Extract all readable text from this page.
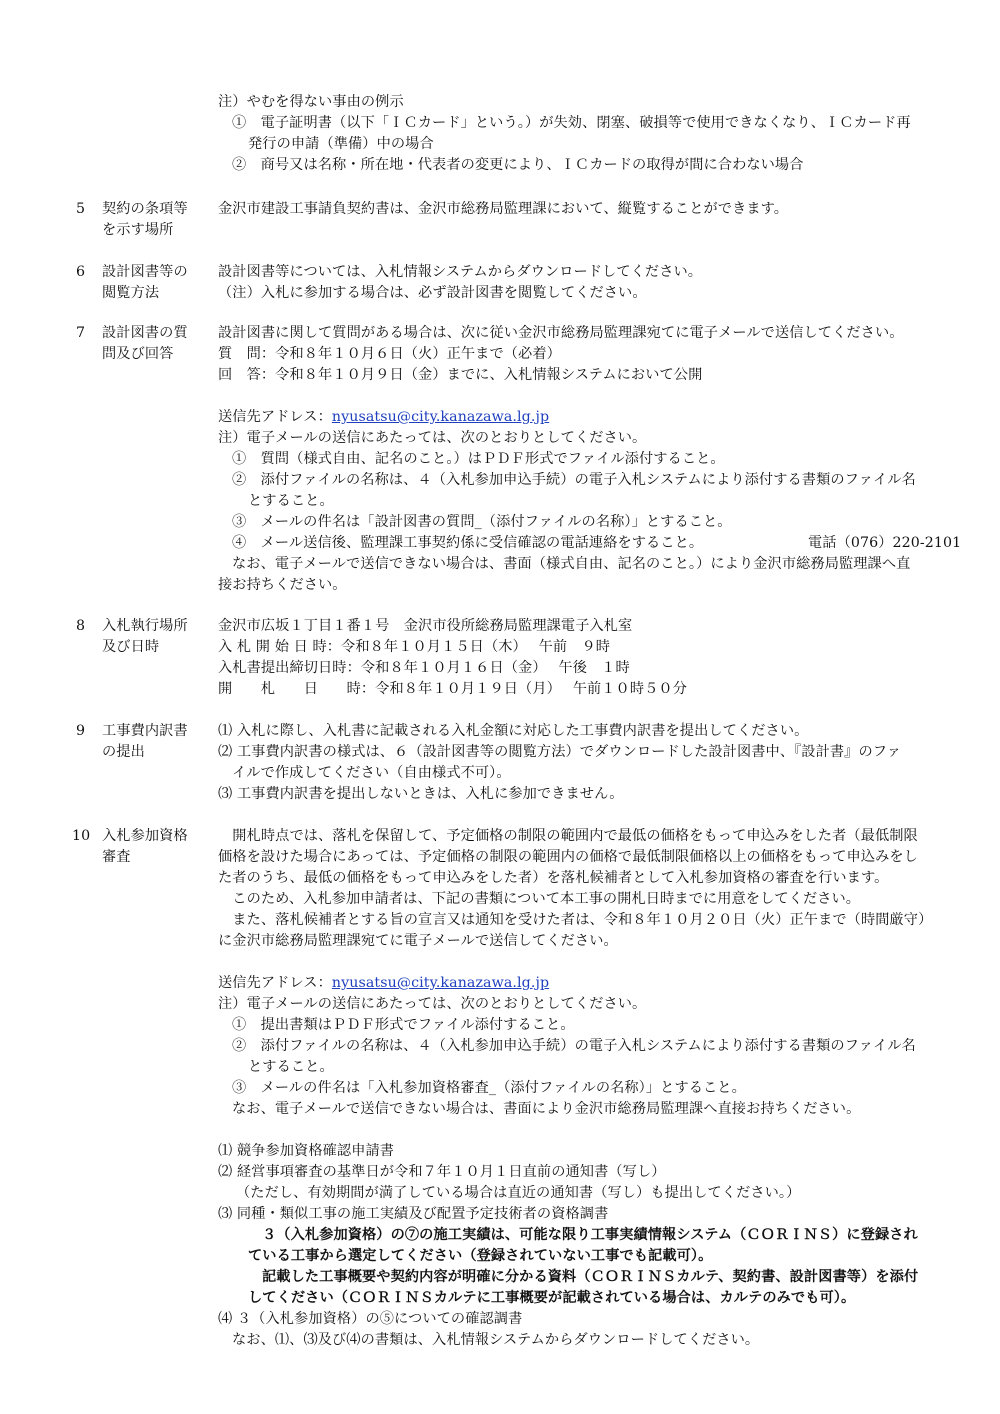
注）やむを得ない事由の例示
①　電子証明書（以下「ＩＣカード」という。）が失効、閉塞、破損等で使用できなくなり、ＩＣカード再
発行の申請（準備）中の場合
②　商号又は名称・所在地・代表者の変更により、ＩＣカードの取得が間に合わない場合
5 契約の条項等
を示す場所
金沢市建設工事請負契約書は、金沢市総務局監理課において、縦覧することができます。
6 設計図書等の
閲覧方法
設計図書等については、入札情報システムからダウンロードしてください。
（注）入札に参加する場合は、必ず設計図書を閲覧してください。
7 設計図書の質
問及び回答
設計図書に関して質問がある場合は、次に従い金沢市総務局監理課宛てに電子メールで送信してください。
質　問：令和８年１０月６日（火）正午まで（必着）
回　答：令和８年１０月９日（金）までに、入札情報システムにおいて公開
送信先アドレス：nyusatsu@city.kanazawa.lg.jp
注）電子メールの送信にあたっては、次のとおりとしてください。
①　質問（様式自由、記名のこと。）はＰＤＦ形式でファイル添付すること。
②　添付ファイルの名称は、４（入札参加申込手続）の電子入札システムにより添付する書類のファイル名
とすること。
③　メールの件名は「設計図書の質問_（添付ファイルの名称）」とすること。
④　メール送信後、監理課工事契約係に受信確認の電話連絡をすること。	電話（076）220-2101
なお、電子メールで送信できない場合は、書面（様式自由、記名のこと。）により金沢市総務局監理課へ直
接お持ちください。
8 入札執行場所
及び日時
金沢市広坂１丁目１番１号　金沢市役所総務局監理課電子入札室
入 札 開 始 日 時：令和８年１０月１５日（木）　 午前　９時
入札書提出締切日時：令和８年１０月１６日（金）　 午後　１時
開　　札　　日　　時：令和８年１０月１９日（月）　 午前１０時５０分
9 工事費内訳書
の提出
⑴ 入札に際し、入札書に記載される入札金額に対応した工事費内訳書を提出してください。
⑵ 工事費内訳書の様式は、６（設計図書等の閲覧方法）でダウンロードした設計図書中、『設計書』のファ
イルで作成してください（自由様式不可）。
⑶ 工事費内訳書を提出しないときは、入札に参加できません。
10 入札参加資格
審査
　開札時点では、落札を保留して、予定価格の制限の範囲内で最低の価格をもって申込みをした者（最低制限
価格を設けた場合にあっては、予定価格の制限の範囲内の価格で最低制限価格以上の価格をもって申込みをし
た者のうち、最低の価格をもって申込みをした者）を落札候補者として入札参加資格の審査を行います。
　このため、入札参加申請者は、下記の書類について本工事の開札日時までに用意をしてください。
　また、落札候補者とする旨の宣言又は通知を受けた者は、令和８年１０月２０日（火）正午まで（時間厳守）
に金沢市総務局監理課宛てに電子メールで送信してください。
送信先アドレス：nyusatsu@city.kanazawa.lg.jp
注）電子メールの送信にあたっては、次のとおりとしてください。
①　提出書類はＰＤＦ形式でファイル添付すること。
②　添付ファイルの名称は、４（入札参加申込手続）の電子入札システムにより添付する書類のファイル名
とすること。
③　メールの件名は「入札参加資格審査_（添付ファイルの名称）」とすること。
なお、電子メールで送信できない場合は、書面により金沢市総務局監理課へ直接お持ちください。
⑴ 競争参加資格確認申請書
⑵ 経営事項審査の基準日が令和７年１０月１日直前の通知書（写し）
（ただし、有効期間が満了している場合は直近の通知書（写し）も提出してください。）
⑶ 同種・類似工事の施工実績及び配置予定技術者の資格調書
３（入札参加資格）の⑦の施工実績は、可能な限り工事実績情報システム（ＣＯＲＩＮＳ）に登録され
ている工事から選定してください（登録されていない工事でも記載可）。
記載した工事概要や契約内容が明確に分かる資料（ＣＯＲＩＮＳカルテ、契約書、設計図書等）を添付
してください（ＣＯＲＩＮＳカルテに工事概要が記載されている場合は、カルテのみでも可）。
⑷ ３（入札参加資格）の⑤についての確認調書
なお、⑴、⑶及び⑷の書類は、入札情報システムからダウンロードしてください。
